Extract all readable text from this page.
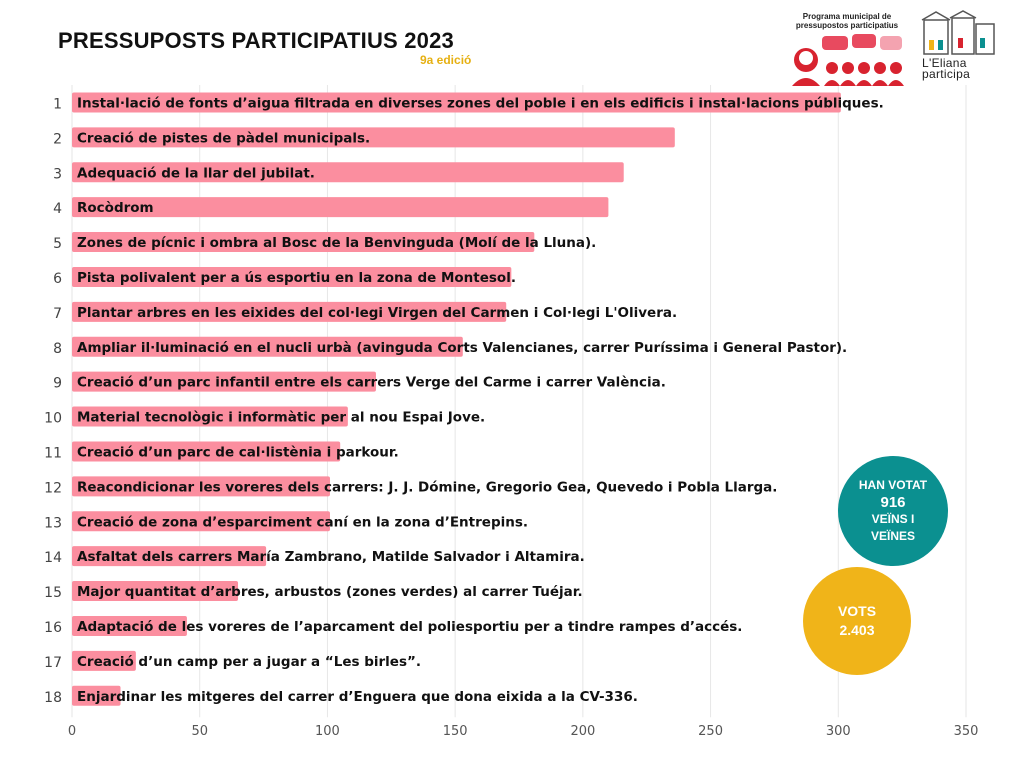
PRESSUPOSTS PARTICIPATIUS 2023
9a edició
0	50	100	150	200	250	300	350
1 Instal·lació de fonts d’aigua filtrada en diverses zones del poble i en els edificis i instal·lacions públiques.
2 Creació de pistes de pàdel municipals.
3 Adequació de la llar del jubilat.
4 Rocòdrom
5 Zones de pícnic i ombra al Bosc de la Benvinguda (Molí de la Lluna).
6 Pista polivalent per a ús esportiu en la zona de Montesol.
7 Plantar arbres en les eixides del col·legi Virgen del Carmen i Col·legi L'Olivera.
8 Ampliar il·luminació en el nucli urbà (avinguda Corts Valencianes, carrer Puríssima i General Pastor).
9 Creació d’un parc infantil entre els carrers Verge del Carme i carrer València.
10 Material tecnològic i informàtic per al nou Espai Jove.
11 Creació d’un parc de cal·listènia i parkour.
12 Reacondicionar les voreres dels carrers: J. J. Dómine, Gregorio Gea, Quevedo i Pobla Llarga.
13 Creació de zona d’esparciment caní en la zona d’Entrepins.
14 Asfaltat dels carrers María Zambrano, Matilde Salvador i Altamira.
15 Major quantitat d’arbres, arbustos (zones verdes) al carrer Tuéjar.
16 Adaptació de les voreres de l’aparcament del poliesportiu per a tindre rampes d’accés.
17 Creació d’un camp per a jugar a “Les birles”.
18 Enjardinar les mitgeres del carrer d’Enguera que dona eixida a la CV-336.
Programa municipal de pressupostos participatius
L'Eliana
participa
HAN VOTAT
916
VEÏNS I
VEÏNES
VOTS
2.403
